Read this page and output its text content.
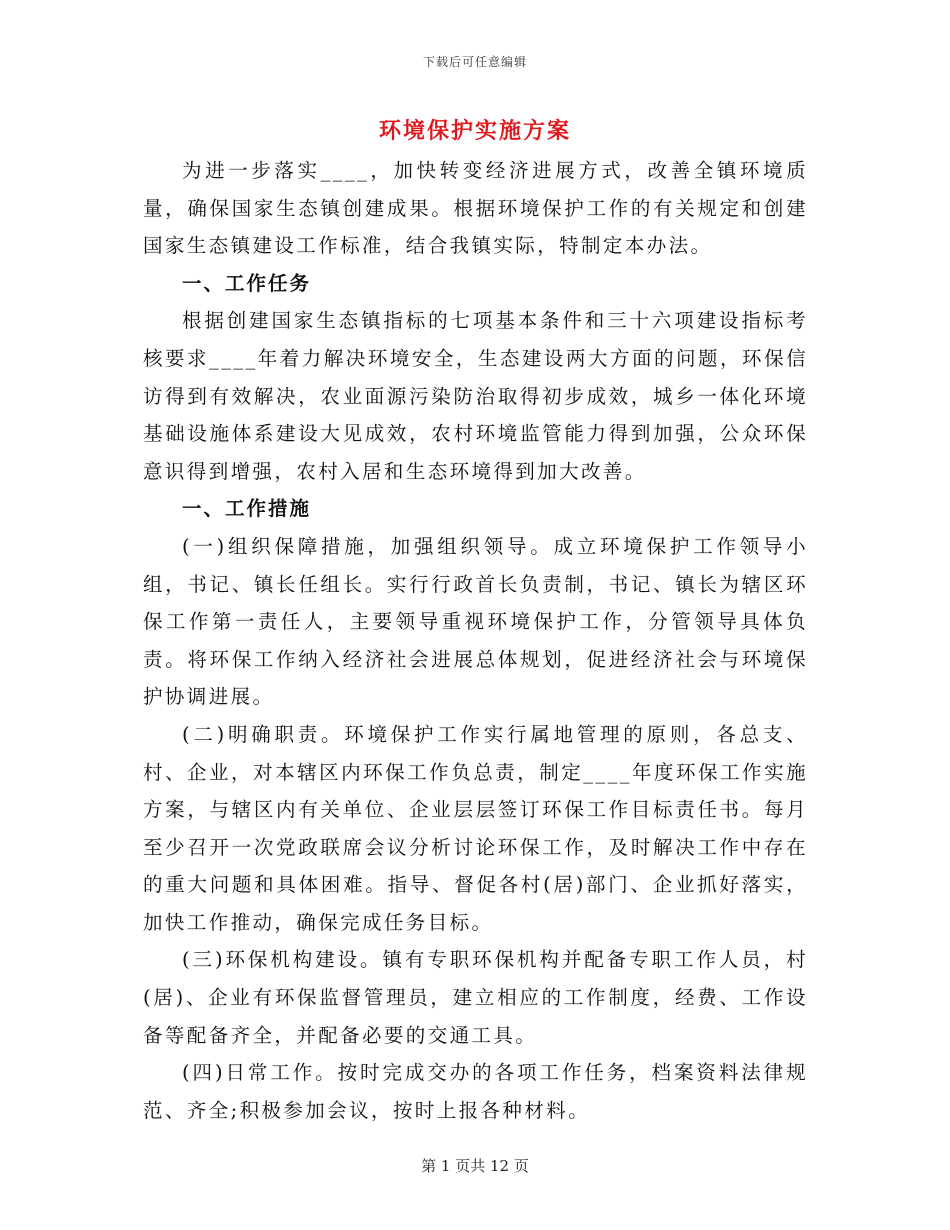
下载后可任意编辑
环境保护实施方案

为进一步落实____，加快转变经济进展方式，改善全镇环境质量，确保国家生态镇创建成果。根据环境保护工作的有关规定和创建国家生态镇建设工作标准，结合我镇实际，特制定本办法。

一、工作任务

根据创建国家生态镇指标的七项基本条件和三十六项建设指标考核要求____年着力解决环境安全，生态建设两大方面的问题，环保信访得到有效解决，农业面源污染防治取得初步成效，城乡一体化环境基础设施体系建设大见成效，农村环境监管能力得到加强，公众环保意识得到增强，农村入居和生态环境得到加大改善。

一、工作措施

(一)组织保障措施，加强组织领导。成立环境保护工作领导小组，书记、镇长任组长。实行行政首长负责制，书记、镇长为辖区环保工作第一责任人，主要领导重视环境保护工作，分管领导具体负责。将环保工作纳入经济社会进展总体规划，促进经济社会与环境保护协调进展。

(二)明确职责。环境保护工作实行属地管理的原则，各总支、村、企业，对本辖区内环保工作负总责，制定____年度环保工作实施方案，与辖区内有关单位、企业层层签订环保工作目标责任书。每月至少召开一次党政联席会议分析讨论环保工作，及时解决工作中存在的重大问题和具体困难。指导、督促各村(居)部门、企业抓好落实，加快工作推动，确保完成任务目标。

(三)环保机构建设。镇有专职环保机构并配备专职工作人员，村(居)、企业有环保监督管理员，建立相应的工作制度，经费、工作设备等配备齐全，并配备必要的交通工具。

(四)日常工作。按时完成交办的各项工作任务，档案资料法律规范、齐全;积极参加会议，按时上报各种材料。

第 1 页共 12 页
